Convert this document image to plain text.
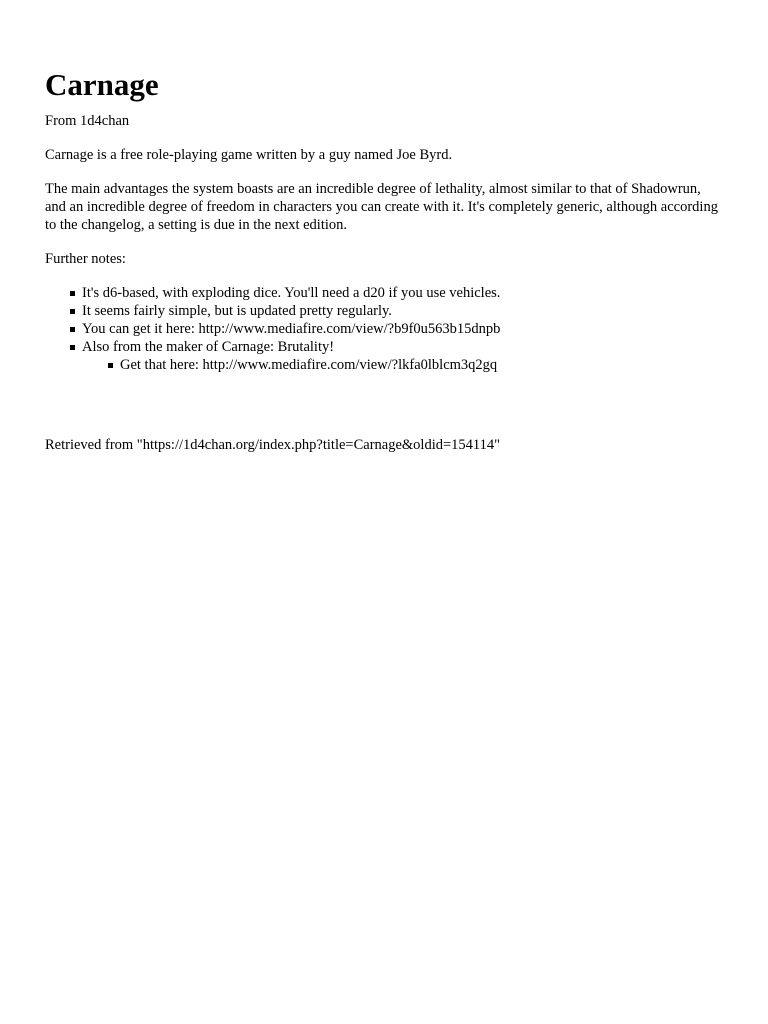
Carnage
From 1d4chan

Carnage is a free role-playing game written by a guy named Joe Byrd.

The main advantages the system boasts are an incredible degree of lethality, almost similar to that of Shadowrun, and an incredible degree of freedom in characters you can create with it. It's completely generic, although according to the changelog, a setting is due in the next edition.

Further notes:

It's d6-based, with exploding dice. You'll need a d20 if you use vehicles.
It seems fairly simple, but is updated pretty regularly.
You can get it here: http://www.mediafire.com/view/?b9f0u563b15dnpb
Also from the maker of Carnage: Brutality!
Get that here: http://www.mediafire.com/view/?lkfa0lblcm3q2gq
Retrieved from "https://1d4chan.org/index.php?title=Carnage&oldid=154114"
